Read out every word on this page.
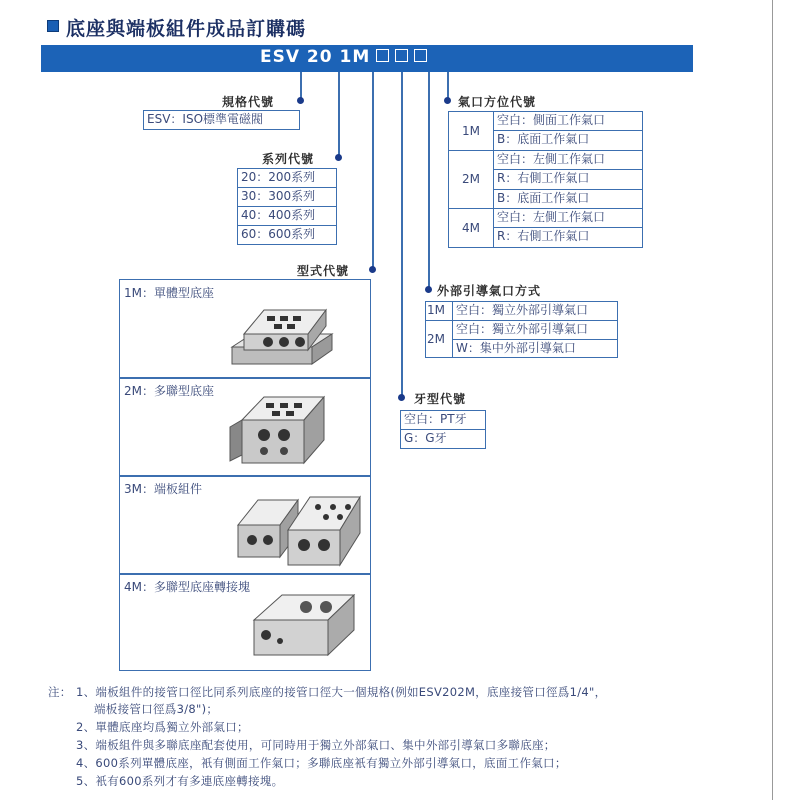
底座與端板組件成品訂購碼
ESV 20 1M
規格代號
ESV：ISO標準電磁閥
系列代號
20：200系列
30：300系列
40：400系列
60：600系列
型式代號
1M：單體型底座
2M：多聯型底座
3M：端板組件
4M：多聯型底座轉接塊
氣口方位代號
1M
空白：側面工作氣口
B：底面工作氣口
2M
空白：左側工作氣口
R：右側工作氣口
B：底面工作氣口
4M
空白：左側工作氣口
R：右側工作氣口
外部引導氣口方式
1M 空白：獨立外部引導氣口
2M
空白：獨立外部引導氣口
W：集中外部引導氣口
牙型代號
空白：PT牙
G：G牙
注： 1、端板組件的接管口徑比同系列底座的接管口徑大一個規格(例如ESV202M，底座接管口徑爲1/4"，
端板接管口徑爲3/8")；
2、單體底座均爲獨立外部氣口；
3、端板組件與多聯底座配套使用，可同時用于獨立外部氣口、集中外部引導氣口多聯底座；
4、600系列單體底座，衹有側面工作氣口；多聯底座衹有獨立外部引導氣口，底面工作氣口；
5、衹有600系列才有多連底座轉接塊。
